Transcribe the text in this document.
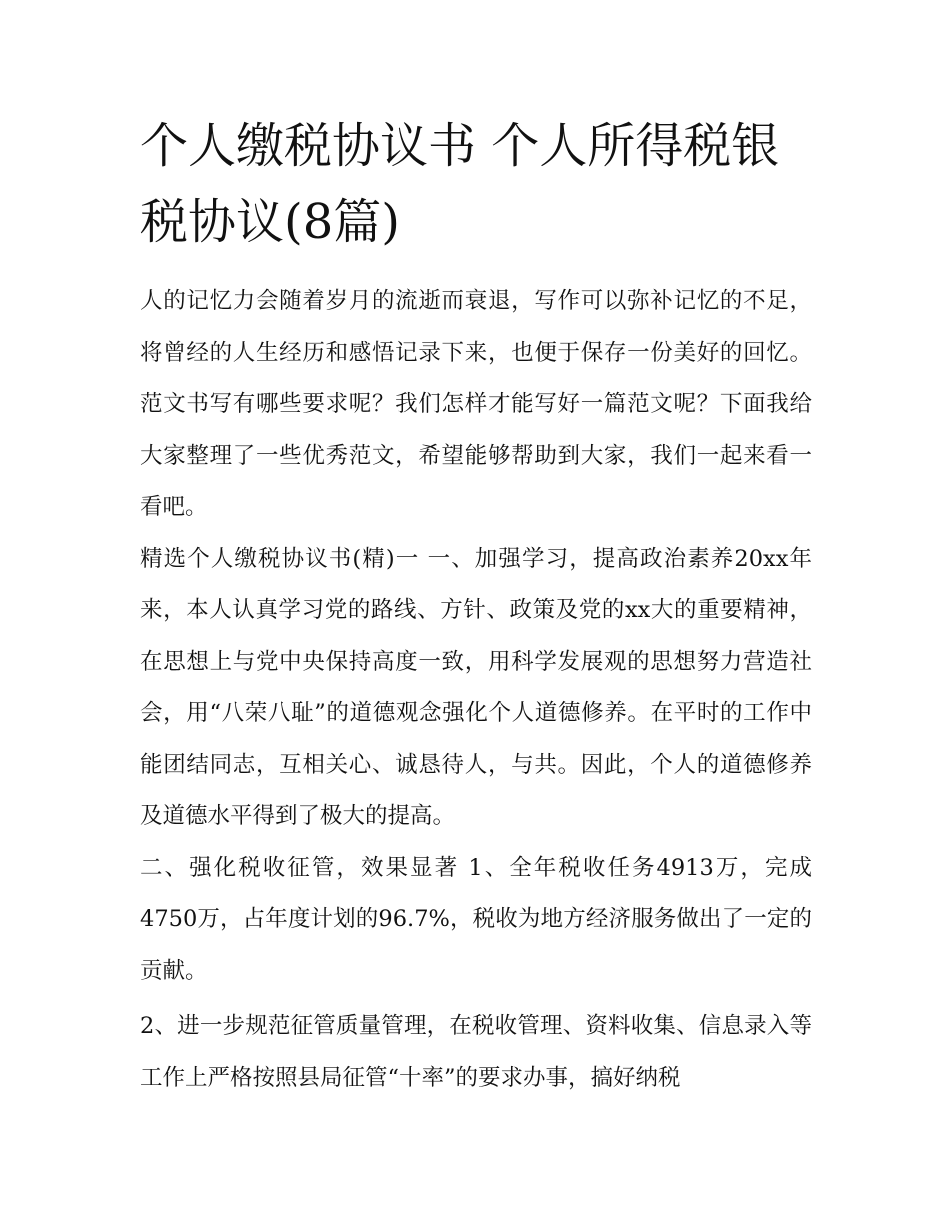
个人缴税协议书 个人所得税银税协议(8篇)

人的记忆力会随着岁月的流逝而衰退，写作可以弥补记忆的不足，将曾经的人生经历和感悟记录下来，也便于保存一份美好的回忆。范文书写有哪些要求呢？我们怎样才能写好一篇范文呢？下面我给大家整理了一些优秀范文，希望能够帮助到大家，我们一起来看一看吧。

精选个人缴税协议书(精)一 一、加强学习，提高政治素养20xx年来，本人认真学习党的路线、方针、政策及党的xx大的重要精神，在思想上与党中央保持高度一致，用科学发展观的思想努力营造社会，用“八荣八耻”的道德观念强化个人道德修养。在平时的工作中能团结同志，互相关心、诚恳待人，与共。因此，个人的道德修养及道德水平得到了极大的提高。

二、强化税收征管，效果显著 1、全年税收任务4913万，完成4750万，占年度计划的96.7%，税收为地方经济服务做出了一定的贡献。

2、进一步规范征管质量管理，在税收管理、资料收集、信息录入等工作上严格按照县局征管“十率”的要求办事，搞好纳税
